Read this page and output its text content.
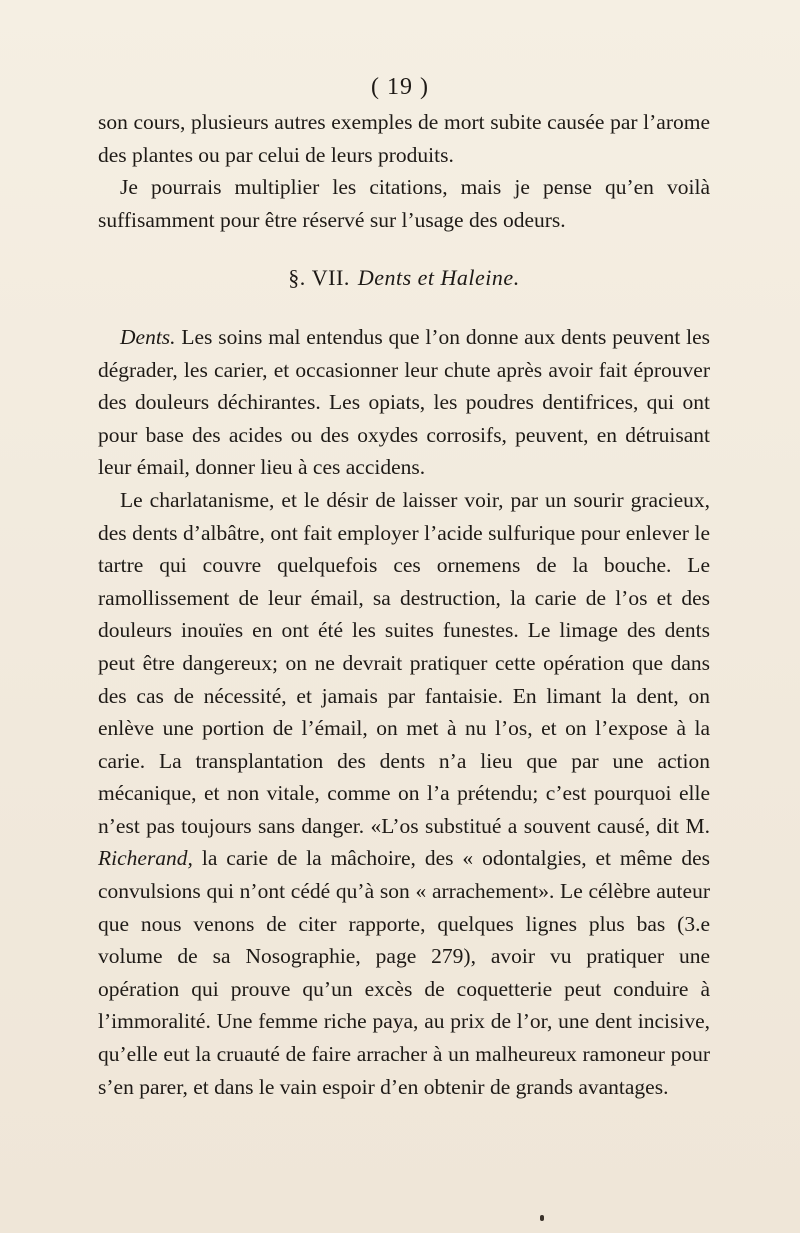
( 19 )

son cours, plusieurs autres exemples de mort subite causée par l’arome des plantes ou par celui de leurs produits.

Je pourrais multiplier les citations, mais je pense qu’en voilà suffisamment pour être réservé sur l’usage des odeurs.

§. VII. Dents et Haleine.

Dents. Les soins mal entendus que l’on donne aux dents peuvent les dégrader, les carier, et occasionner leur chute après avoir fait éprouver des douleurs déchirantes. Les opiats, les poudres dentifrices, qui ont pour base des acides ou des oxydes corrosifs, peuvent, en détruisant leur émail, donner lieu à ces accidens.

Le charlatanisme, et le désir de laisser voir, par un sourir gracieux, des dents d’albâtre, ont fait employer l’acide sulfurique pour enlever le tartre qui couvre quelquefois ces ornemens de la bouche. Le ramollissement de leur émail, sa destruction, la carie de l’os et des douleurs inouïes en ont été les suites funestes. Le limage des dents peut être dangereux; on ne devrait pratiquer cette opération que dans des cas de nécessité, et jamais par fantaisie. En limant la dent, on enlève une portion de l’émail, on met à nu l’os, et on l’expose à la carie. La transplantation des dents n’a lieu que par une action mécanique, et non vitale, comme on l’a prétendu; c’est pourquoi elle n’est pas toujours sans danger. «L’os substitué a souvent causé, dit M. Richerand, la carie de la mâchoire, des « odontalgies, et même des convulsions qui n’ont cédé qu’à son « arrachement». Le célèbre auteur que nous venons de citer rapporte, quelques lignes plus bas (3.e volume de sa Nosographie, page 279), avoir vu pratiquer une opération qui prouve qu’un excès de coquetterie peut conduire à l’immoralité. Une femme riche paya, au prix de l’or, une dent incisive, qu’elle eut la cruauté de faire arracher à un malheureux ramoneur pour s’en parer, et dans le vain espoir d’en obtenir de grands avantages.
